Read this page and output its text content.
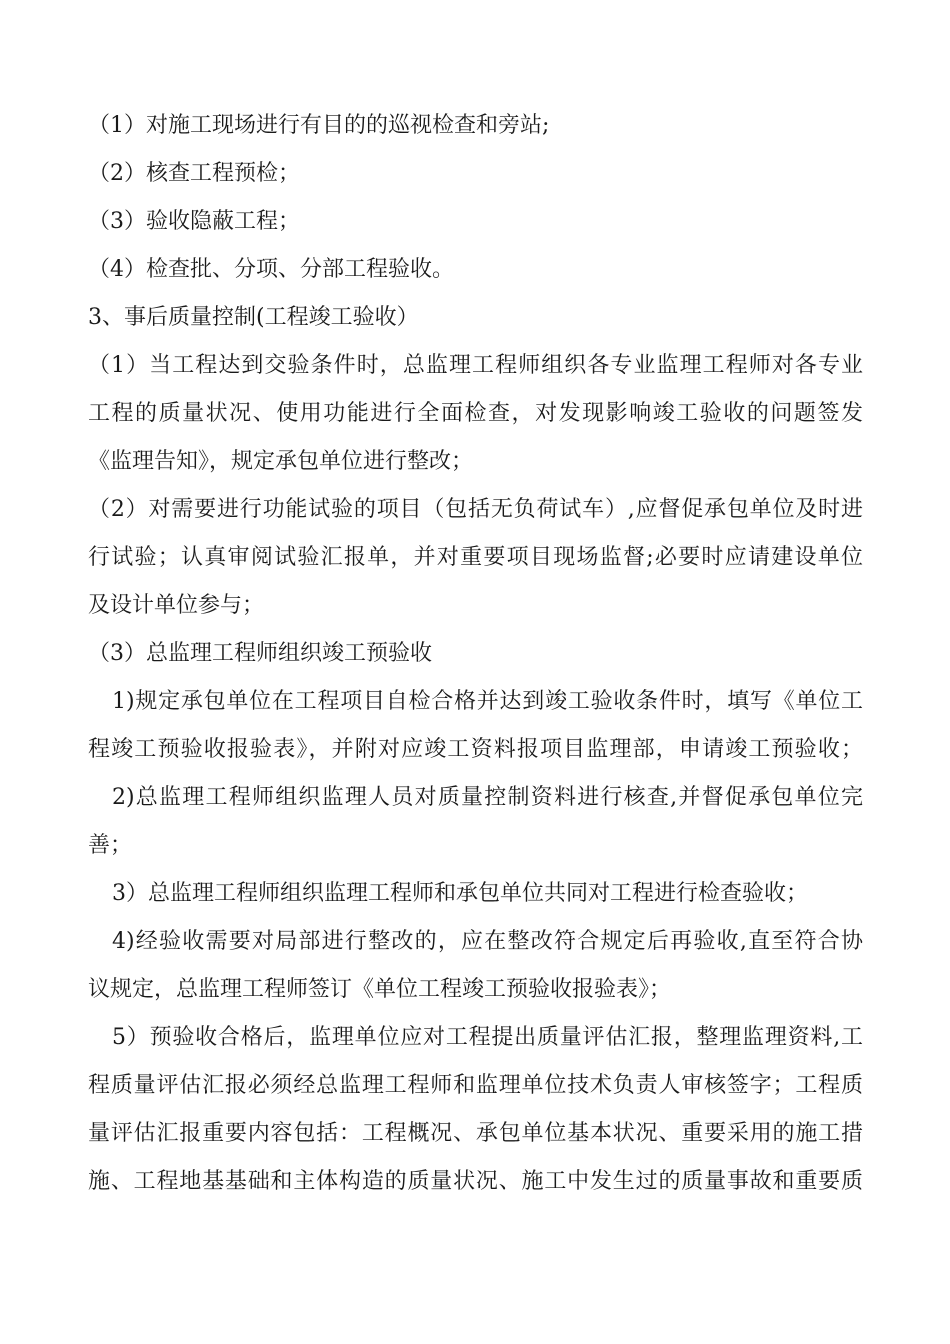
（1）对施工现场进行有目的的巡视检查和旁站;
（2）核查工程预检；
（3）验收隐蔽工程；
（4）检查批、分项、分部工程验收。
3、事后质量控制(工程竣工验收）
（1）当工程达到交验条件时，总监理工程师组织各专业监理工程师对各专业
工程的质量状况、使用功能进行全面检查，对发现影响竣工验收的问题签发
《监理告知》，规定承包单位进行整改；
（2）对需要进行功能试验的项目（包括无负荷试车）,应督促承包单位及时进
行试验；认真审阅试验汇报单，并对重要项目现场监督;必要时应请建设单位
及设计单位参与；
（3）总监理工程师组织竣工预验收
1)规定承包单位在工程项目自检合格并达到竣工验收条件时，填写《单位工
程竣工预验收报验表》，并附对应竣工资料报项目监理部，申请竣工预验收；
2)总监理工程师组织监理人员对质量控制资料进行核查,并督促承包单位完
善；
3）总监理工程师组织监理工程师和承包单位共同对工程进行检查验收；
4)经验收需要对局部进行整改的，应在整改符合规定后再验收,直至符合协
议规定，总监理工程师签订《单位工程竣工预验收报验表》；
5）预验收合格后，监理单位应对工程提出质量评估汇报，整理监理资料,工
程质量评估汇报必须经总监理工程师和监理单位技术负责人审核签字；工程质
量评估汇报重要内容包括：工程概况、承包单位基本状况、重要采用的施工措
施、工程地基基础和主体构造的质量状况、施工中发生过的质量事故和重要质
